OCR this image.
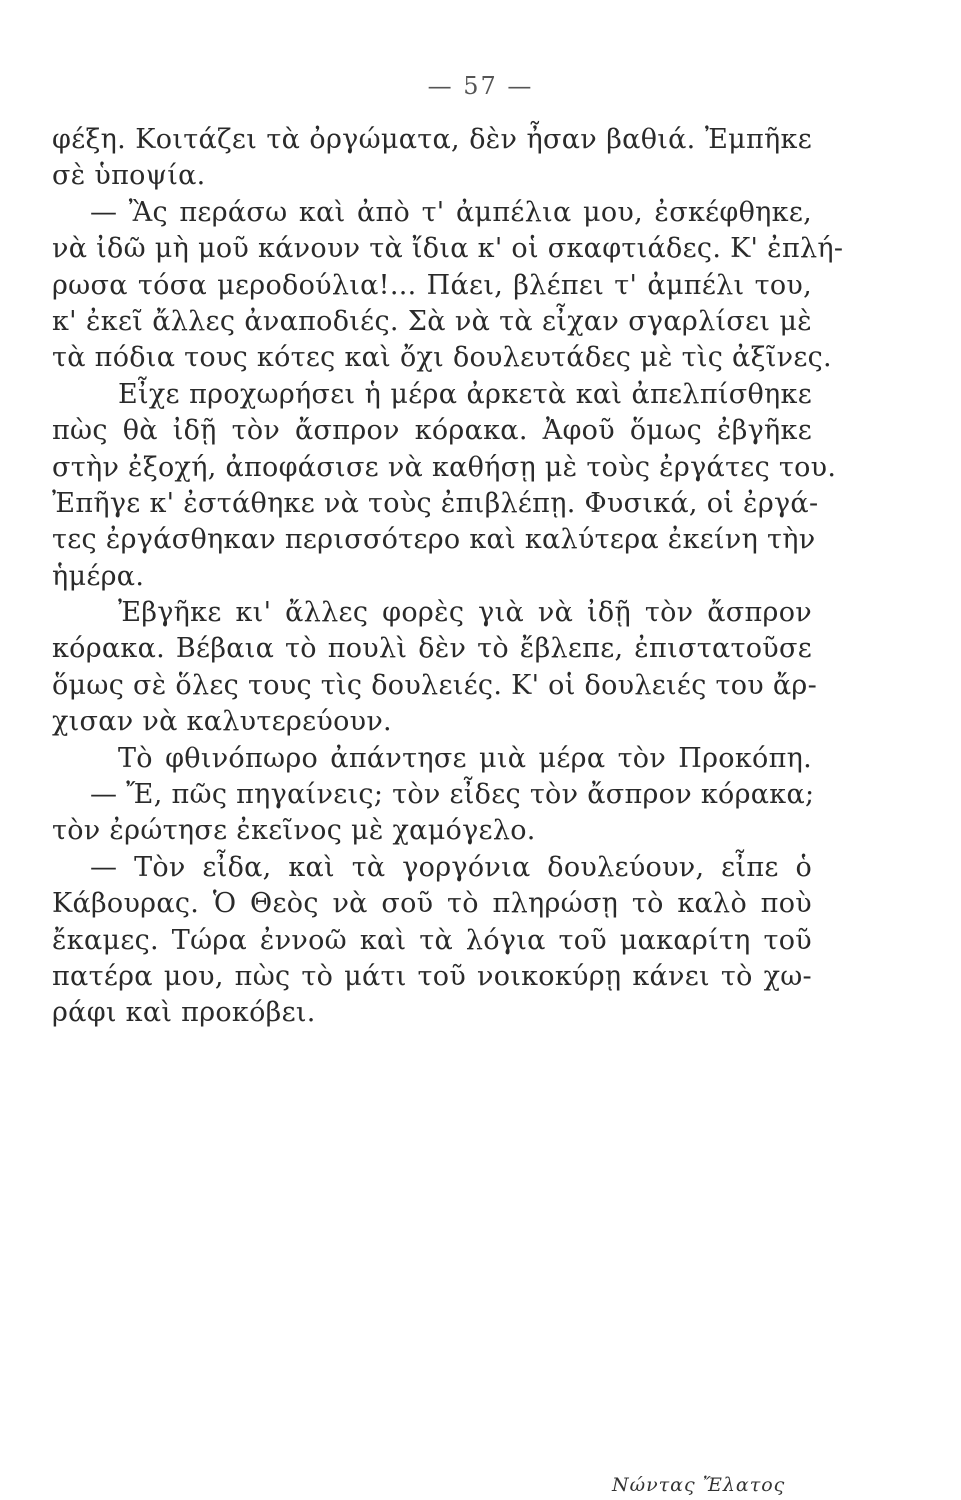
— 57 —
φέξη. Κοιτάζει τὰ ὀργώματα, δὲν ἦσαν βαθιά. Ἐμπῆκε
σὲ ὑποψία.
— Ἂς περάσω καὶ ἀπὸ τ' ἀμπέλια μου, ἐσκέφθηκε,
νὰ ἰδῶ μὴ μοῦ κάνουν τὰ ἴδια κ' οἱ σκαφτιάδες. Κ' ἐπλή-
ρωσα τόσα μεροδούλια!... Πάει, βλέπει τ' ἀμπέλι του,
κ' ἐκεῖ ἄλλες ἀναποδιές. Σὰ νὰ τὰ εἶχαν σγαρλίσει μὲ
τὰ πόδια τους κότες καὶ ὄχι δουλευτάδες μὲ τὶς ἀξῖνες.
Εἶχε προχωρήσει ἡ μέρα ἀρκετὰ καὶ ἀπελπίσθηκε
πὼς θὰ ἰδῇ τὸν ἄσπρον κόρακα. Ἀφοῦ ὅμως ἐβγῆκε
στὴν ἐξοχή, ἀποφάσισε νὰ καθήσῃ μὲ τοὺς ἐργάτες του.
Ἐπῆγε κ' ἐστάθηκε νὰ τοὺς ἐπιβλέπῃ. Φυσικά, οἱ ἐργά-
τες ἐργάσθηκαν περισσότερο καὶ καλύτερα ἐκείνη τὴν
ἡμέρα.
Ἐβγῆκε κι' ἄλλες φορὲς γιὰ νὰ ἰδῇ τὸν ἄσπρον
κόρακα. Βέβαια τὸ πουλὶ δὲν τὸ ἔβλεπε, ἐπιστατοῦσε
ὅμως σὲ ὅλες τους τὶς δουλειές. Κ' οἱ δουλειές του ἄρ-
χισαν νὰ καλυτερεύουν.
Τὸ φθινόπωρο ἀπάντησε μιὰ μέρα τὸν Προκόπη.
— Ἔ, πῶς πηγαίνεις; τὸν εἶδες τὸν ἄσπρον κόρακα;
τὸν ἐρώτησε ἐκεῖνος μὲ χαμόγελο.
— Τὸν εἶδα, καὶ τὰ γοργόνια δουλεύουν, εἶπε ὁ
Κάβουρας. Ὁ Θεὸς νὰ σοῦ τὸ πληρώσῃ τὸ καλὸ ποὺ
ἔκαμες. Τώρα ἐννοῶ καὶ τὰ λόγια τοῦ μακαρίτη τοῦ
πατέρα μου, πὼς τὸ μάτι τοῦ νοικοκύρῃ κάνει τὸ χω-
ράφι καὶ προκόβει.
Νώντας Ἔλατος
